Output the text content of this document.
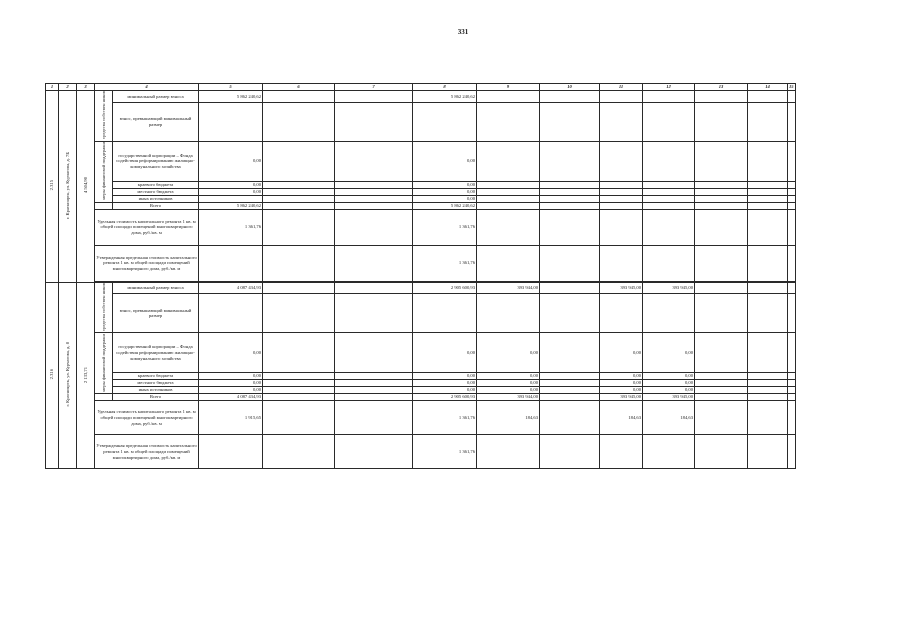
331
1	2	3	4		5	6	7	8	9	10	11	12	13	14	15
2.315	г. Красноярск, ул. Курчатова, д. 7Б	4 504,90	средства собствен ников	минимальный размер взноса	5 862 240,62			5 862 240,62							
				взнос, превышающий минимальный размер											
			меры финансовой поддержки	государственной корпорации – Фонда содействия реформированию жилищно-коммунального хозяйства	0,00			0,00							
				краевого бюджета	0,00			0,00							
				местного бюджета	0,00			0,00							
				иных источников				0,00							
				Всего	5 862 240,62			5 862 240,62							
			Удельная стоимость капитального ремонта 1 кв. м общей площади помещений многоквартирного дома, руб./кв. м		1 361,76			1 361,76							
			Утвержденная предельная стоимость капитального ремонта 1 кв. м общей площади помещений многоквартирного дома, руб./кв. м					1 361,76							

2.316	г. Красноярск, ул. Курчатова, д. 8	2 133,71	средства собствен ников	минимальный размер взноса	4 087 434,93			2 905 600,93	393 944,00		393 945,00	393 945,00			
				взнос, превышающий минимальный размер											
			меры финансовой поддержки	государственной корпорации – Фонда содействия реформированию жилищно-коммунального хозяйства	0,00			0,00	0,00		0,00	0,00			
				краевого бюджета	0,00			0,00	0,00		0,00	0,00			
				местного бюджета	0,00			0,00	0,00		0,00	0,00			
				иных источников	0,00			0,00	0,00		0,00	0,00			
				Всего	4 087 434,93			2 905 600,93	393 944,00		393 945,00	393 945,00			
			Удельная стоимость капитального ремонта 1 кв. м общей площади помещений многоквартирного дома, руб./кв. м		1 915,65			1 361,76	184,63		184,63	184,63			
			Утвержденная предельная стоимость капитального ремонта 1 кв. м общей площади помещений многоквартирного дома, руб./кв. м					1 361,76							
